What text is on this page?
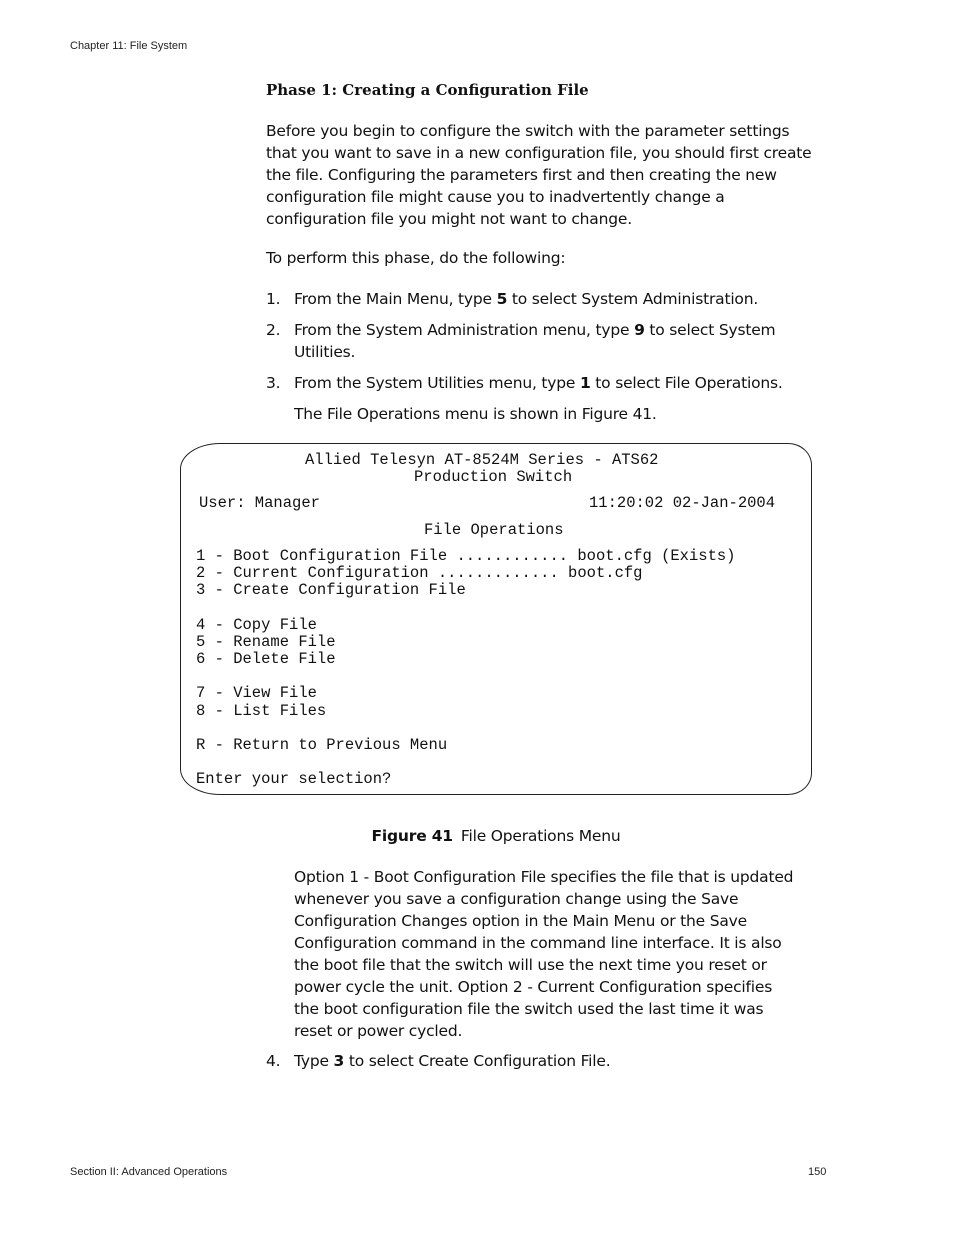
Chapter 11: File System
Phase 1: Creating a Configuration File
Before you begin to configure the switch with the parameter settings
that you want to save in a new configuration file, you should first create
the file. Configuring the parameters first and then creating the new
configuration file might cause you to inadvertently change a
configuration file you might not want to change.
To perform this phase, do the following:
1. From the Main Menu, type 5 to select System Administration.
2. From the System Administration menu, type 9 to select System
Utilities.
3. From the System Utilities menu, type 1 to select File Operations.
The File Operations menu is shown in Figure 41.
Allied Telesyn AT-8524M Series - ATS62
Production Switch
User: Manager	11:20:02 02-Jan-2004
File Operations
1 - Boot Configuration File ............ boot.cfg (Exists)
2 - Current Configuration ............. boot.cfg
3 - Create Configuration File
4 - Copy File
5 - Rename File
6 - Delete File
7 - View File
8 - List Files
R - Return to Previous Menu
Enter your selection?
Figure 41 File Operations Menu
Option 1 - Boot Configuration File specifies the file that is updated
whenever you save a configuration change using the Save
Configuration Changes option in the Main Menu or the Save
Configuration command in the command line interface. It is also
the boot file that the switch will use the next time you reset or
power cycle the unit. Option 2 - Current Configuration specifies
the boot configuration file the switch used the last time it was
reset or power cycled.
4. Type 3 to select Create Configuration File.
Section II: Advanced Operations	150
